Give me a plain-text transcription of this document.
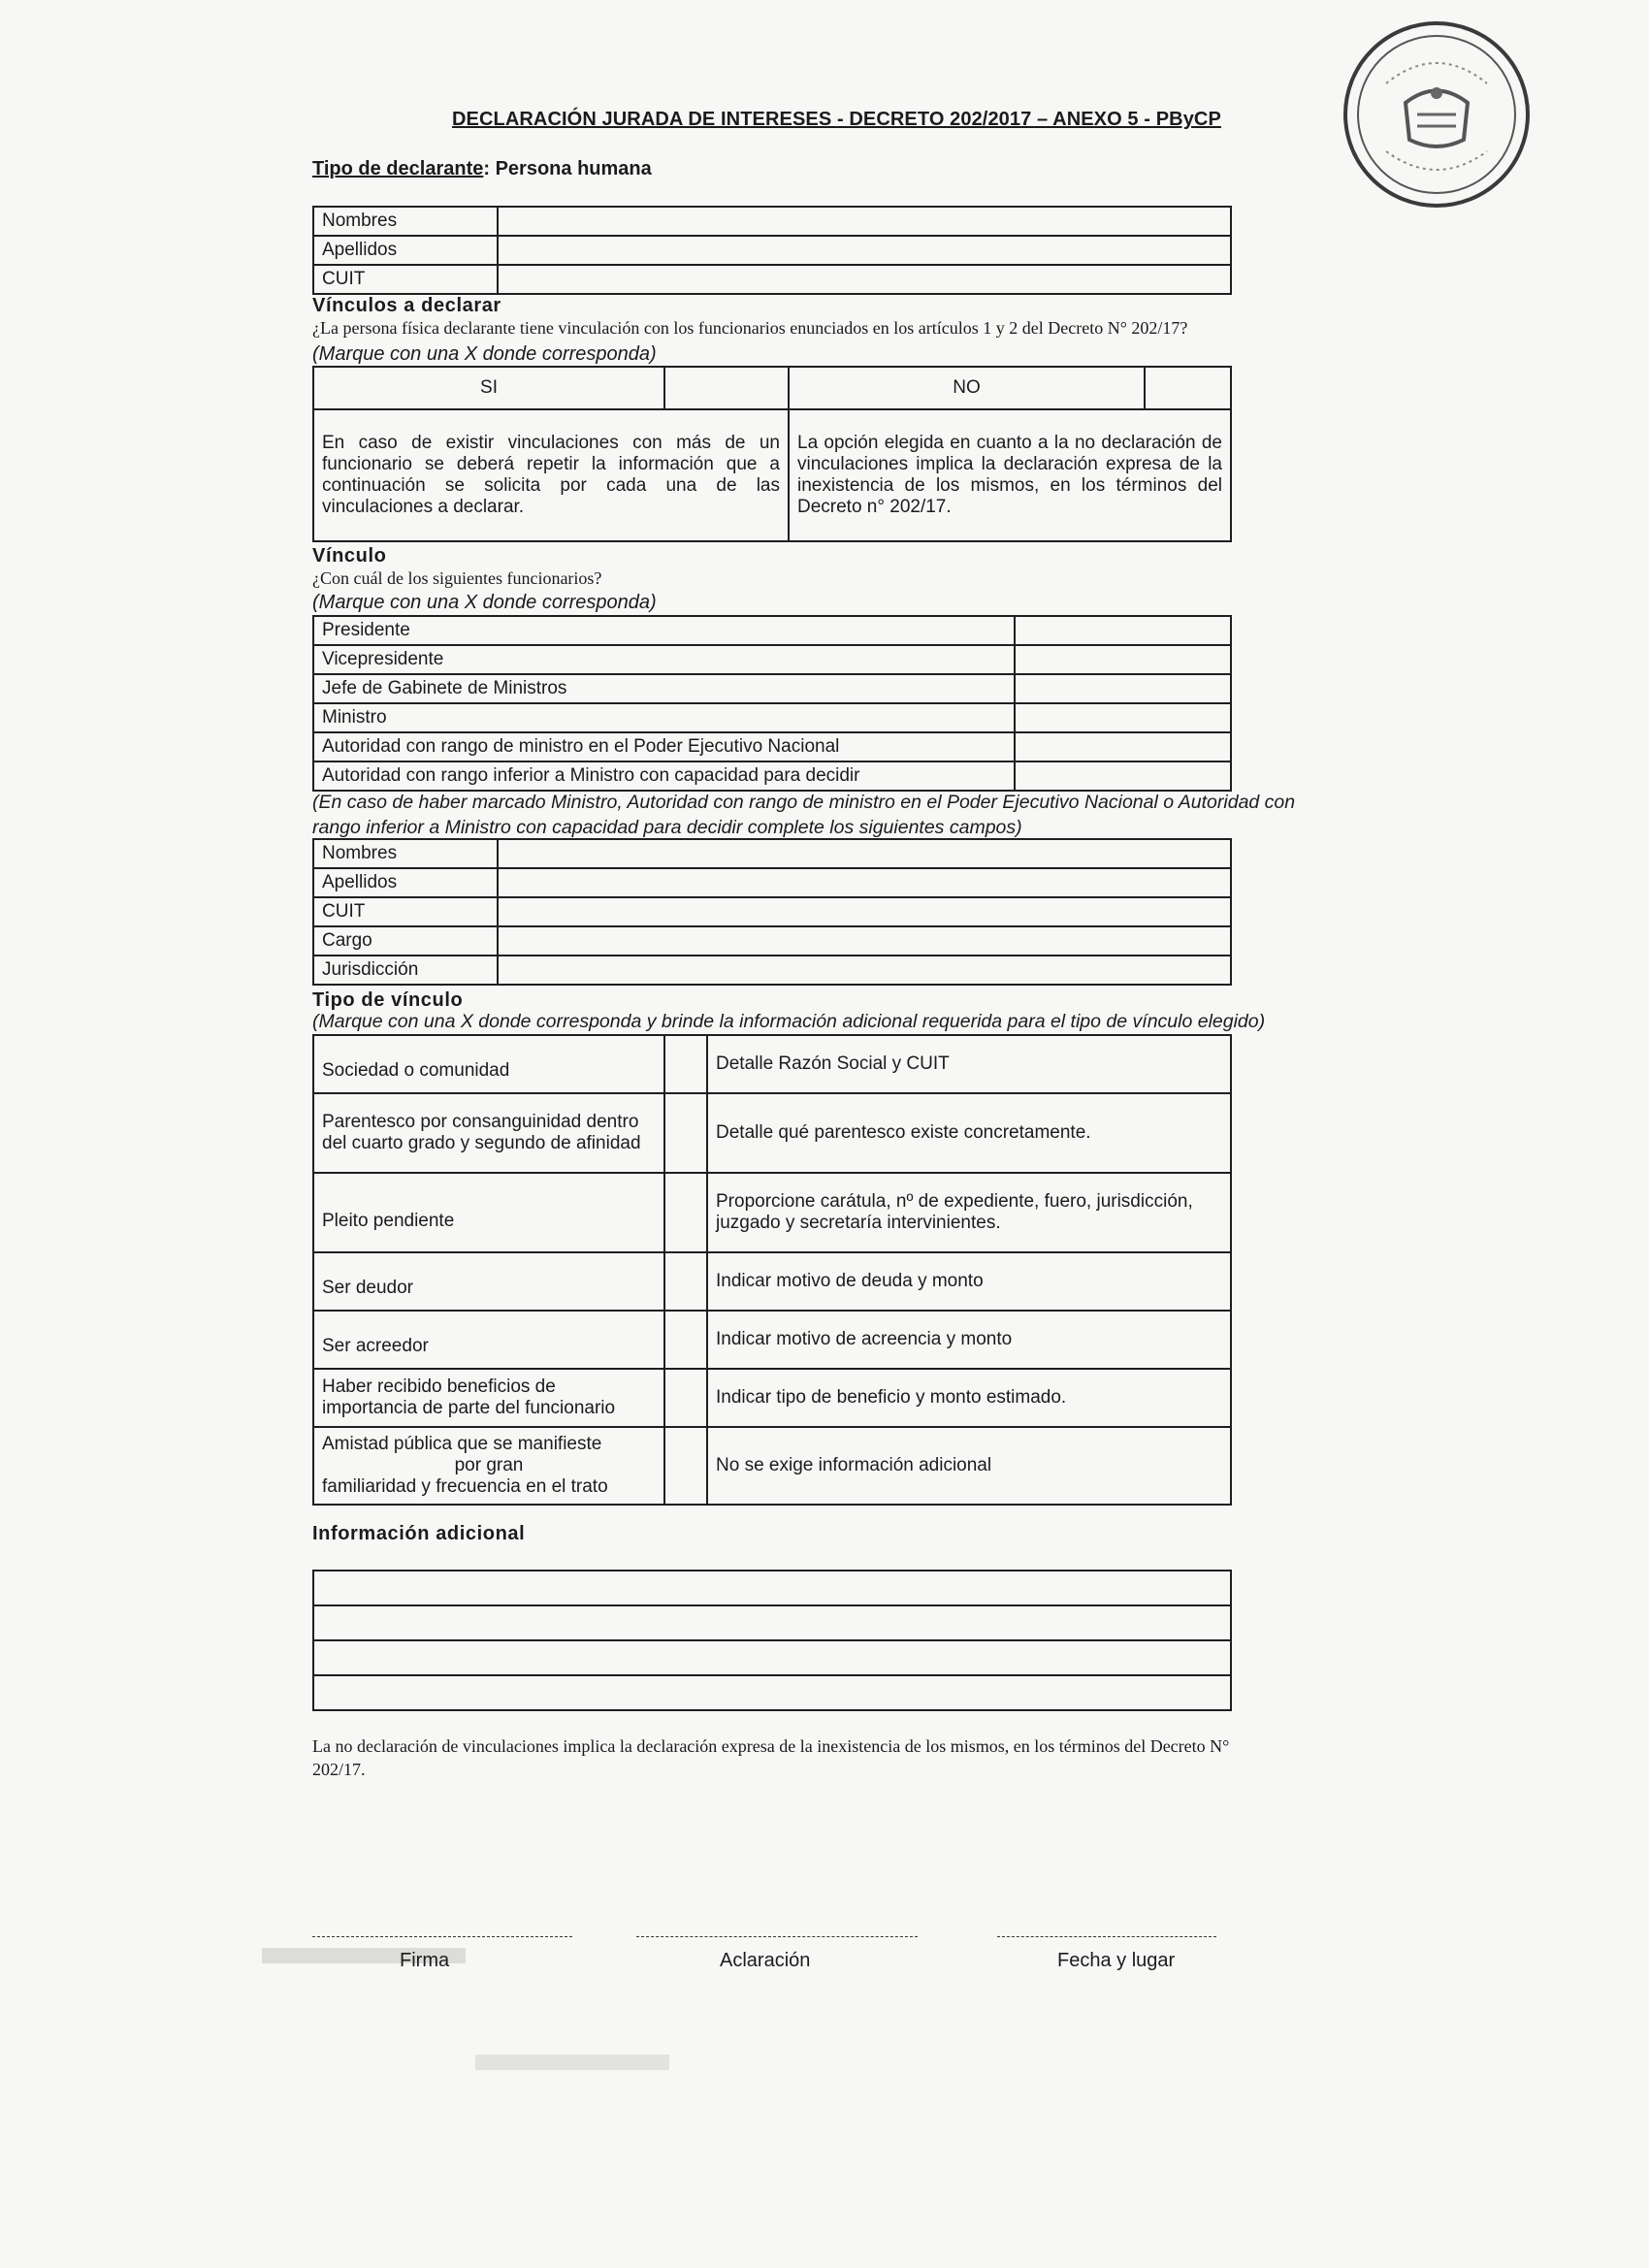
DECLARACIÓN JURADA DE INTERESES - DECRETO 202/2017 – ANEXO 5 - PByCP
Tipo de declarante: Persona humana
Nombres	
Apellidos	
CUIT	
Vínculos a declarar
¿La persona física declarante tiene vinculación con los funcionarios enunciados en los artículos 1 y 2 del Decreto N° 202/17?
(Marque con una X donde corresponda)
SI		NO	
En caso de existir vinculaciones con más de un funcionario se deberá repetir la información que a continuación se solicita por cada una de las vinculaciones a declarar.		La opción elegida en cuanto a la no declaración de vinculaciones implica la declaración expresa de la inexistencia de los mismos, en los términos del Decreto n° 202/17.	
Vínculo
¿Con cuál de los siguientes funcionarios?
(Marque con una X donde corresponda)
Presidente	
Vicepresidente	
Jefe de Gabinete de Ministros	
Ministro	
Autoridad con rango de ministro en el Poder Ejecutivo Nacional	
Autoridad con rango inferior a Ministro con capacidad para decidir	
(En caso de haber marcado Ministro, Autoridad con rango de ministro en el Poder Ejecutivo Nacional o Autoridad con
rango inferior a Ministro con capacidad para decidir complete los siguientes campos)
Nombres	
Apellidos	
CUIT	
Cargo	
Jurisdicción	
Tipo de vínculo
(Marque con una X donde corresponda y brinde la información adicional requerida para el tipo de vínculo elegido)
Sociedad o comunidad		Detalle Razón Social y CUIT
Parentesco por consanguinidad dentro del cuarto grado y segundo de afinidad		Detalle qué parentesco existe concretamente.
Pleito pendiente		Proporcione carátula, nº de expediente, fuero, jurisdicción, juzgado y secretaría intervinientes.
Ser deudor		Indicar motivo de deuda y monto
Ser acreedor		Indicar motivo de acreencia y monto
Haber recibido beneficios de importancia de parte del funcionario		Indicar tipo de beneficio y monto estimado.

Amistad pública que se manifieste
por gran
familiaridad y frecuencia en el trato		No se exige información adicional
Información adicional

La no declaración de vinculaciones implica la declaración expresa de la inexistencia de los mismos, en los términos del Decreto N°
202/17.
Firma	Aclaración	Fecha y lugar
